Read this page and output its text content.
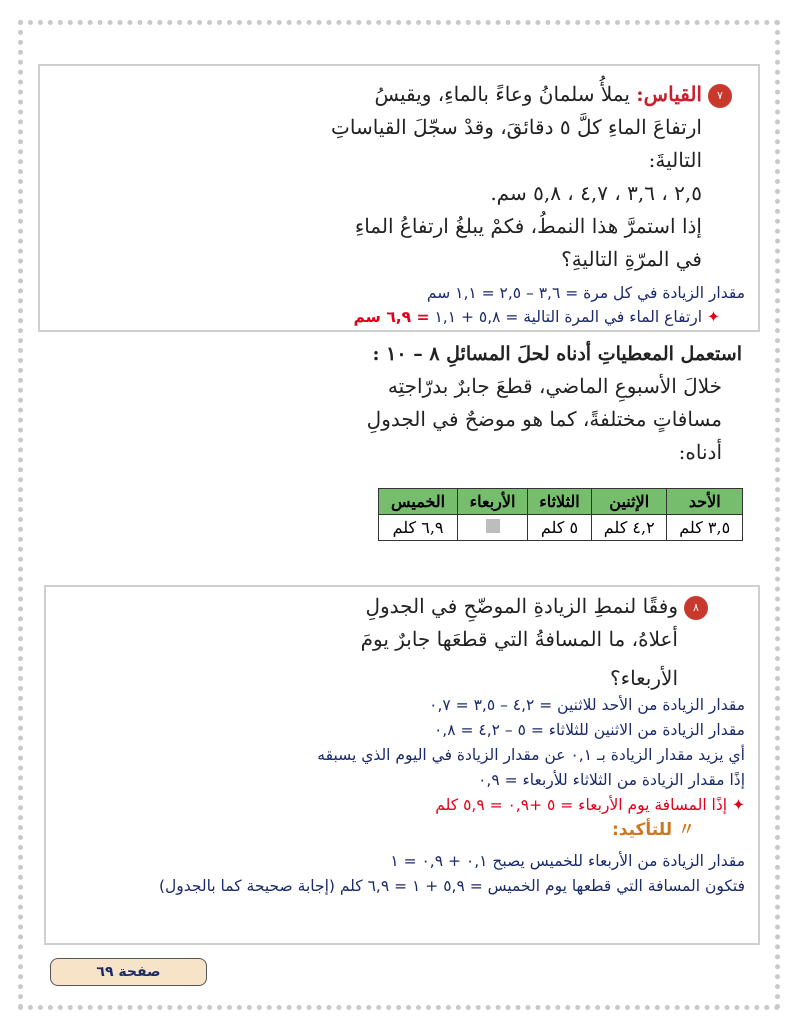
٧القياس: يملأُ سلمانُ وعاءً بالماءِ، ويقيسُ
ارتفاعَ الماءِ كلَّ ٥ دقائقَ، وقدْ سجّلَ القياساتِ
التاليةَ:
٢,٥ ، ٣,٦ ، ٤,٧ ، ٥,٨ سم.
إذا استمرَّ هذا النمطُ، فكمْ يبلغُ ارتفاعُ الماءِ
في المرّةِ التاليةِ؟
مقدار الزيادة في كل مرة = ٣,٦ – ٢,٥ = ١,١ سم
✦ ارتفاع الماء في المرة التالية = ٥,٨ + ١,١ = ٦,٩ سم
استعمل المعطياتِ أدناه لحلَ المسائلِ ٨ – ١٠ :
خلالَ الأسبوعِ الماضي، قطعَ جابرٌ بدرّاجتِه
مسافاتٍ مختلفةً، كما هو موضحٌ في الجدولِ
أدناه:
الأحد	الإثنين	الثلاثاء	الأربعاء	الخميس
٣,٥ كلم	٤,٢ كلم	٥ كلم		٦,٩ كلم
٨وفقًا لنمطِ الزيادةِ الموضّحِ في الجدولِ
أعلاهُ، ما المسافةُ التي قطعَها جابرٌ يومَ
الأربعاء؟
مقدار الزيادة من الأحد للاثنين = ٤,٢ – ٣,٥ = ٠,٧
مقدار الزيادة من الاثنين للثلاثاء = ٥ – ٤,٢ = ٠,٨
أي يزيد مقدار الزيادة بـ ٠,١ عن مقدار الزيادة في اليوم الذي يسبقه
إذًا مقدار الزيادة من الثلاثاء للأربعاء = ٠,٩
✦ إذًا المسافة يوم الأربعاء = ٥ +٠,٩ = ٥,٩ كلم
〃 للتأكيد:
مقدار الزيادة من الأربعاء للخميس يصبح ٠,١ + ٠,٩ = ١
فتكون المسافة التي قطعها يوم الخميس = ٥,٩ + ١ = ٦,٩ كلم (إجابة صحيحة كما بالجدول)
صفحة ٦٩
